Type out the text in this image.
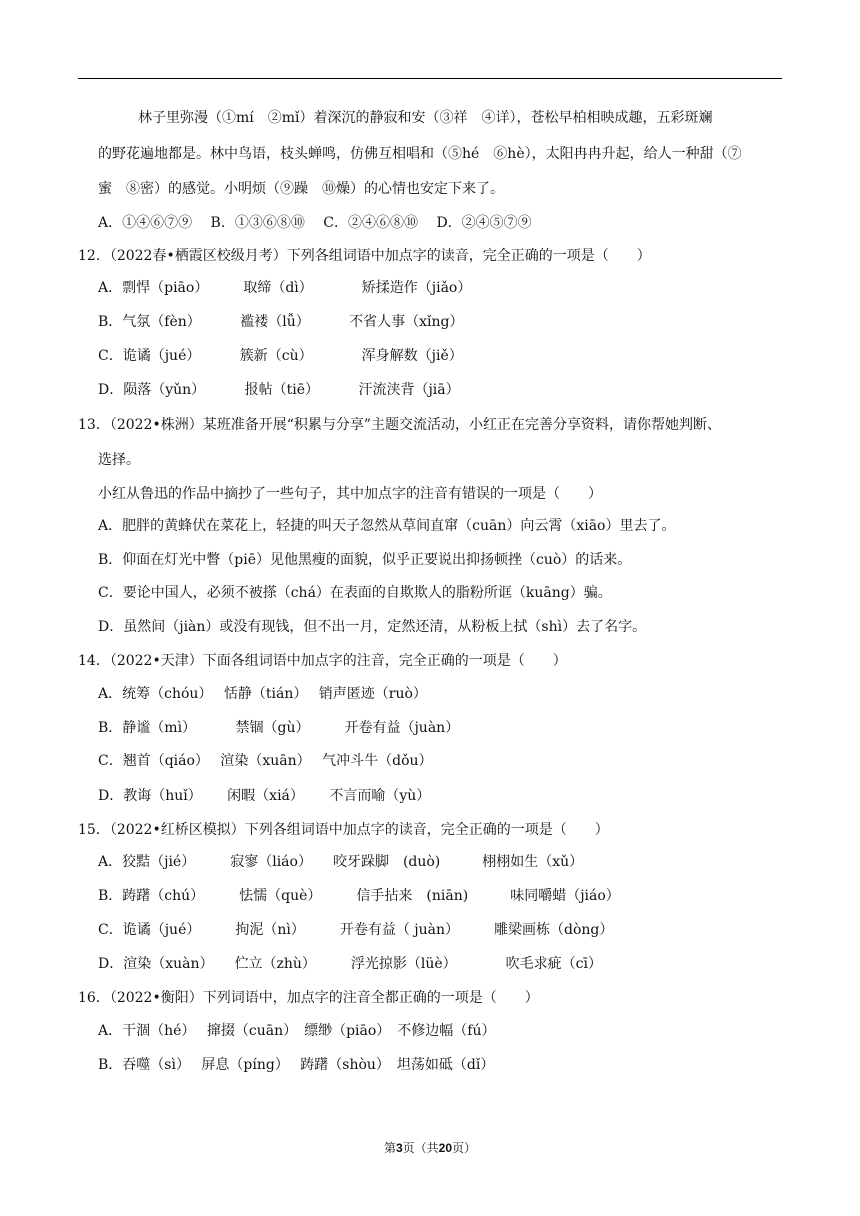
林子里弥漫（①mí　②mǐ）着深沉的静寂和安（③祥　④详），苍松早柏相映成趣，五彩斑斓
的野花遍地都是。林中鸟语，枝头蝉鸣，仿佛互相唱和（⑤hé　⑥hè），太阳冉冉升起，给人一种甜（⑦
蜜　⑧密）的感觉。小明烦（⑨躁　⑩燥）的心情也安定下来了。
A．①④⑥⑦⑨　 B．①③⑥⑧⑩　 C．②④⑥⑧⑩　 D．②④⑤⑦⑨
12．（2022春•栖霞区校级月考）下列各组词语中加点字的读音，完全正确的一项是（　　）
A．剽悍（piāo）　　　取缔（dì）　　　　矫揉造作（jiǎo）
B．气氛（fèn）　　　 褴褛（lǚ）　　　 不省人事（xǐng）
C．诡谲（jué）　　　 簇新（cù）　　　　浑身解数（jiě）
D．陨落（yǔn）　　　 报帖（tiē）　　　 汗流浃背（jiā）
13．（2022•株洲）某班准备开展“积累与分享”主题交流活动，小红正在完善分享资料，请你帮她判断、
选择。
小红从鲁迅的作品中摘抄了一些句子，其中加点字的注音有错误的一项是（　　）
A．肥胖的黄蜂伏在菜花上，轻捷的叫天子忽然从草间直窜（cuān）向云霄（xiāo）里去了。
B．仰面在灯光中瞥（piē）见他黑瘦的面貌，似乎正要说出抑扬顿挫（cuò）的话来。
C．要论中国人，必须不被搽（chá）在表面的自欺欺人的脂粉所诓（kuāng）骗。
D．虽然间（jiàn）或没有现钱，但不出一月，定然还清，从粉板上拭（shì）去了名字。
14．（2022•天津）下面各组词语中加点字的注音，完全正确的一项是（　　）
A．统筹（chóu）　 恬静（tián）　 销声匿迹（ruò）
B．静谧（mì）　　　 禁锢（gù）　　　开卷有益（juàn）
C．翘首（qiáo）　 渲染（xuān）　 气冲斗牛（dǒu）
D．教诲（huǐ）　　 闲暇（xiá）　　 不言而喻（yù）
15．（2022•红桥区模拟）下列各组词语中加点字的读音，完全正确的一项是（　　）
A．狡黠（jié）　　　寂寥（liáo）　　咬牙跺脚　(duò)　　　栩栩如生（xǔ）
B．踌躇（chú）　　　怯懦（què）　　　信手拈来　(niān)　　　味同嚼蜡（jiáo）
C．诡谲（jué）　　　拘泥（nì）　　　开卷有益（ juàn）　　　雕梁画栋（dòng）
D．渲染（xuàn）　　伫立（zhù）　　　浮光掠影（lüè）　　　　吹毛求疵（cī）
16．（2022•衡阳）下列词语中，加点字的注音全都正确的一项是（　　）
A．干涸（hé）　 撺掇（cuān）　缥缈（piāo）　不修边幅（fú）
B．吞噬（sì）　 屏息（píng）　 踌躇（shòu）　坦荡如砥（dǐ）
第3页（共20页）
